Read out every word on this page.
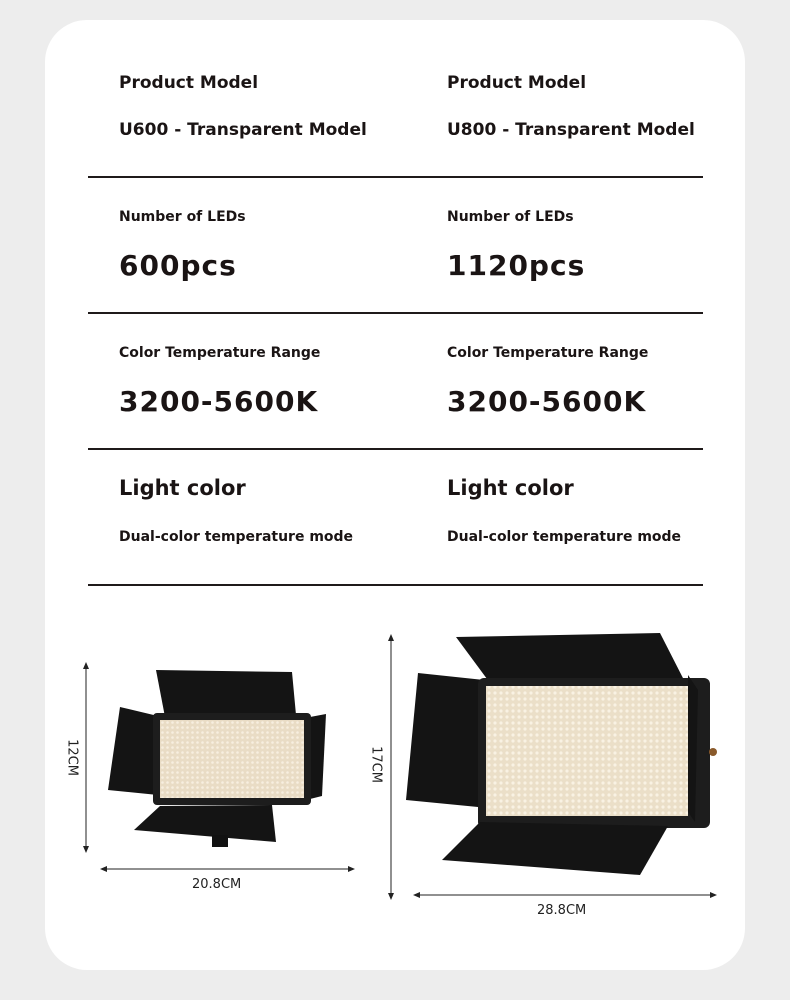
Product Model
U600 - Transparent Model
Product Model
U800 - Transparent Model
Number of LEDs
600pcs
Number of LEDs
1120pcs
Color Temperature Range
3200-5600K
Color Temperature Range
3200-5600K
Light color
Dual-color temperature mode
Light color
Dual-color temperature mode
12CM
20.8CM
17CM
28.8CM
